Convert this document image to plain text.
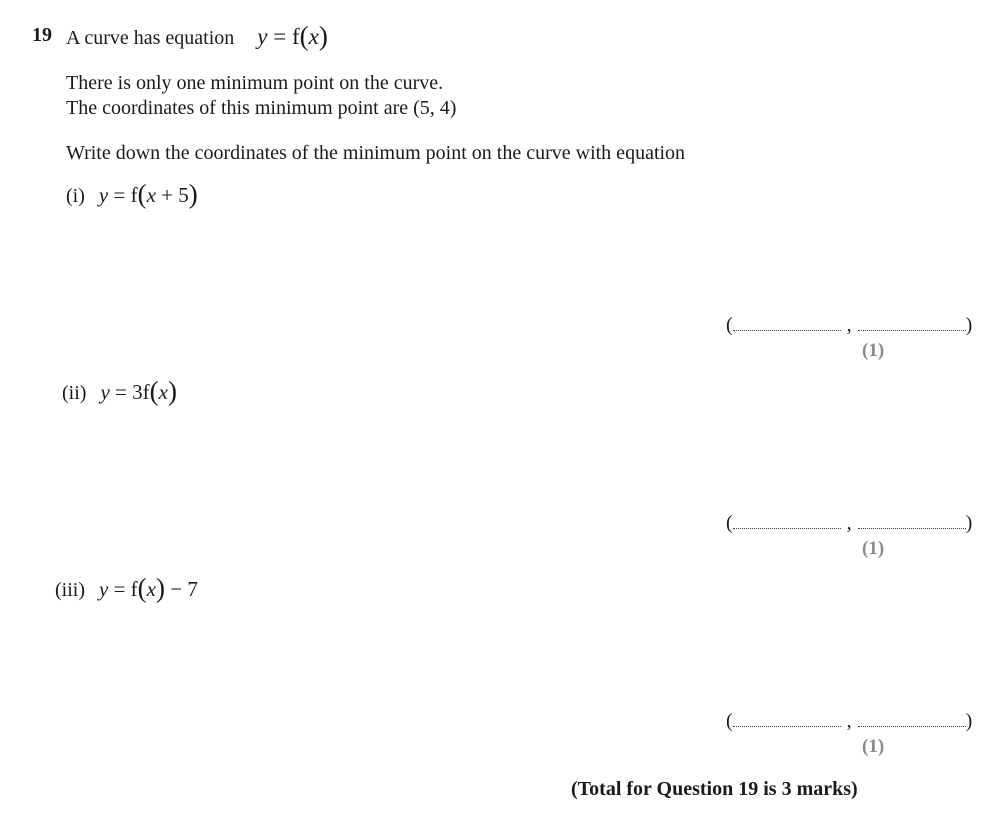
19 A curve has equation y = f(x)
There is only one minimum point on the curve.
The coordinates of this minimum point are (5, 4)
Write down the coordinates of the minimum point on the curve with equation
(i) y = f(x + 5)
(	,	)
(1)
(ii) y = 3f(x)
(	,	)
(1)
(iii) y = f(x) − 7
(	,	)
(1)
(Total for Question 19 is 3 marks)
